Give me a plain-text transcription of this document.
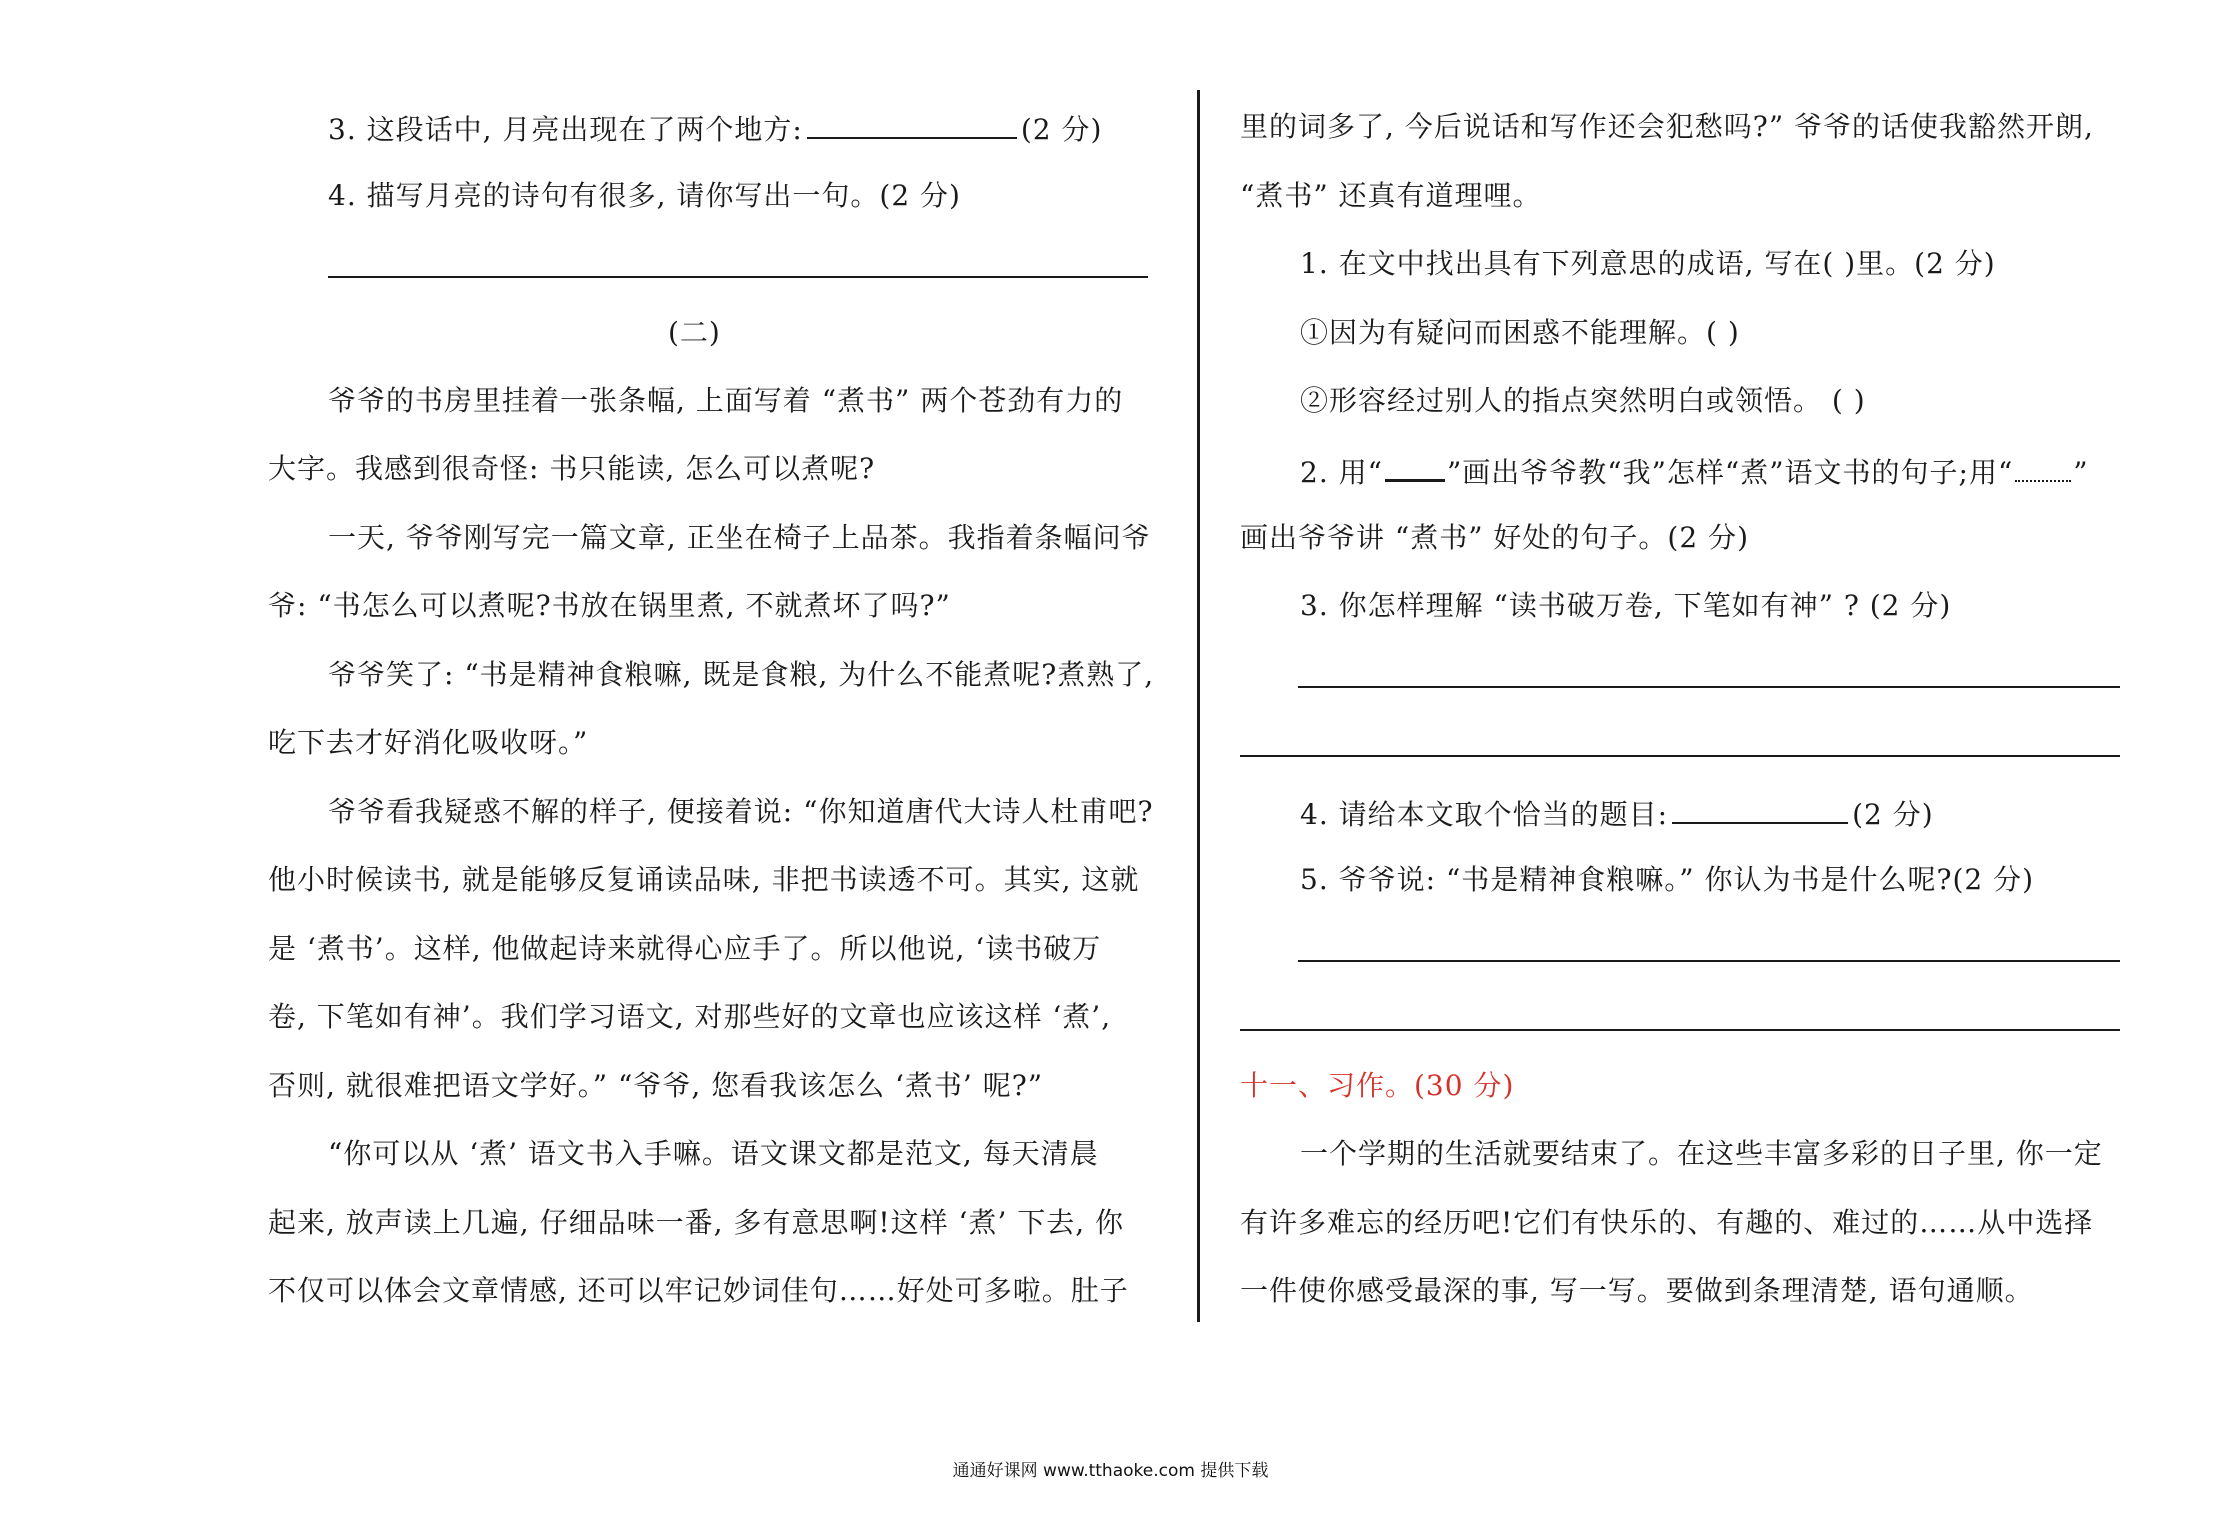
3. 这段话中, 月亮出现在了两个地方:	(2 分)
4. 描写月亮的诗句有很多, 请你写出一句。(2 分)
(二)
爷爷的书房里挂着一张条幅, 上面写着 “煮书” 两个苍劲有力的
大字。我感到很奇怪: 书只能读, 怎么可以煮呢?
一天, 爷爷刚写完一篇文章, 正坐在椅子上品茶。我指着条幅问爷
爷: “书怎么可以煮呢?书放在锅里煮, 不就煮坏了吗?”
爷爷笑了: “书是精神食粮嘛, 既是食粮, 为什么不能煮呢?煮熟了,
吃下去才好消化吸收呀。”
爷爷看我疑惑不解的样子, 便接着说: “你知道唐代大诗人杜甫吧?
他小时候读书, 就是能够反复诵读品味, 非把书读透不可。其实, 这就
是 ‘煮书’。这样, 他做起诗来就得心应手了。所以他说, ‘读书破万
卷, 下笔如有神’。我们学习语文, 对那些好的文章也应该这样 ‘煮’,
否则, 就很难把语文学好。” “爷爷, 您看我该怎么 ‘煮书’ 呢?”
“你可以从 ‘煮’ 语文书入手嘛。语文课文都是范文, 每天清晨
起来, 放声读上几遍, 仔细品味一番, 多有意思啊!这样 ‘煮’ 下去, 你
不仅可以体会文章情感, 还可以牢记妙词佳句……好处可多啦。肚子
里的词多了, 今后说话和写作还会犯愁吗?” 爷爷的话使我豁然开朗,
“煮书” 还真有道理哩。
1. 在文中找出具有下列意思的成语, 写在( )里。(2 分)
①因为有疑问而困惑不能理解。( )
②形容经过别人的指点突然明白或领悟。 ( )
2. 用“ ”画出爷爷教“我”怎样“煮”语文书的句子;用“ ”
画出爷爷讲 “煮书” 好处的句子。(2 分)
3. 你怎样理解 “读书破万卷, 下笔如有神” ? (2 分)
4. 请给本文取个恰当的题目:	(2 分)
5. 爷爷说: “书是精神食粮嘛。” 你认为书是什么呢?(2 分)
十一、习作。(30 分)
一个学期的生活就要结束了。在这些丰富多彩的日子里, 你一定
有许多难忘的经历吧!它们有快乐的、有趣的、难过的……从中选择
一件使你感受最深的事, 写一写。要做到条理清楚, 语句通顺。
通通好课网 www.tthaoke.com 提供下载
